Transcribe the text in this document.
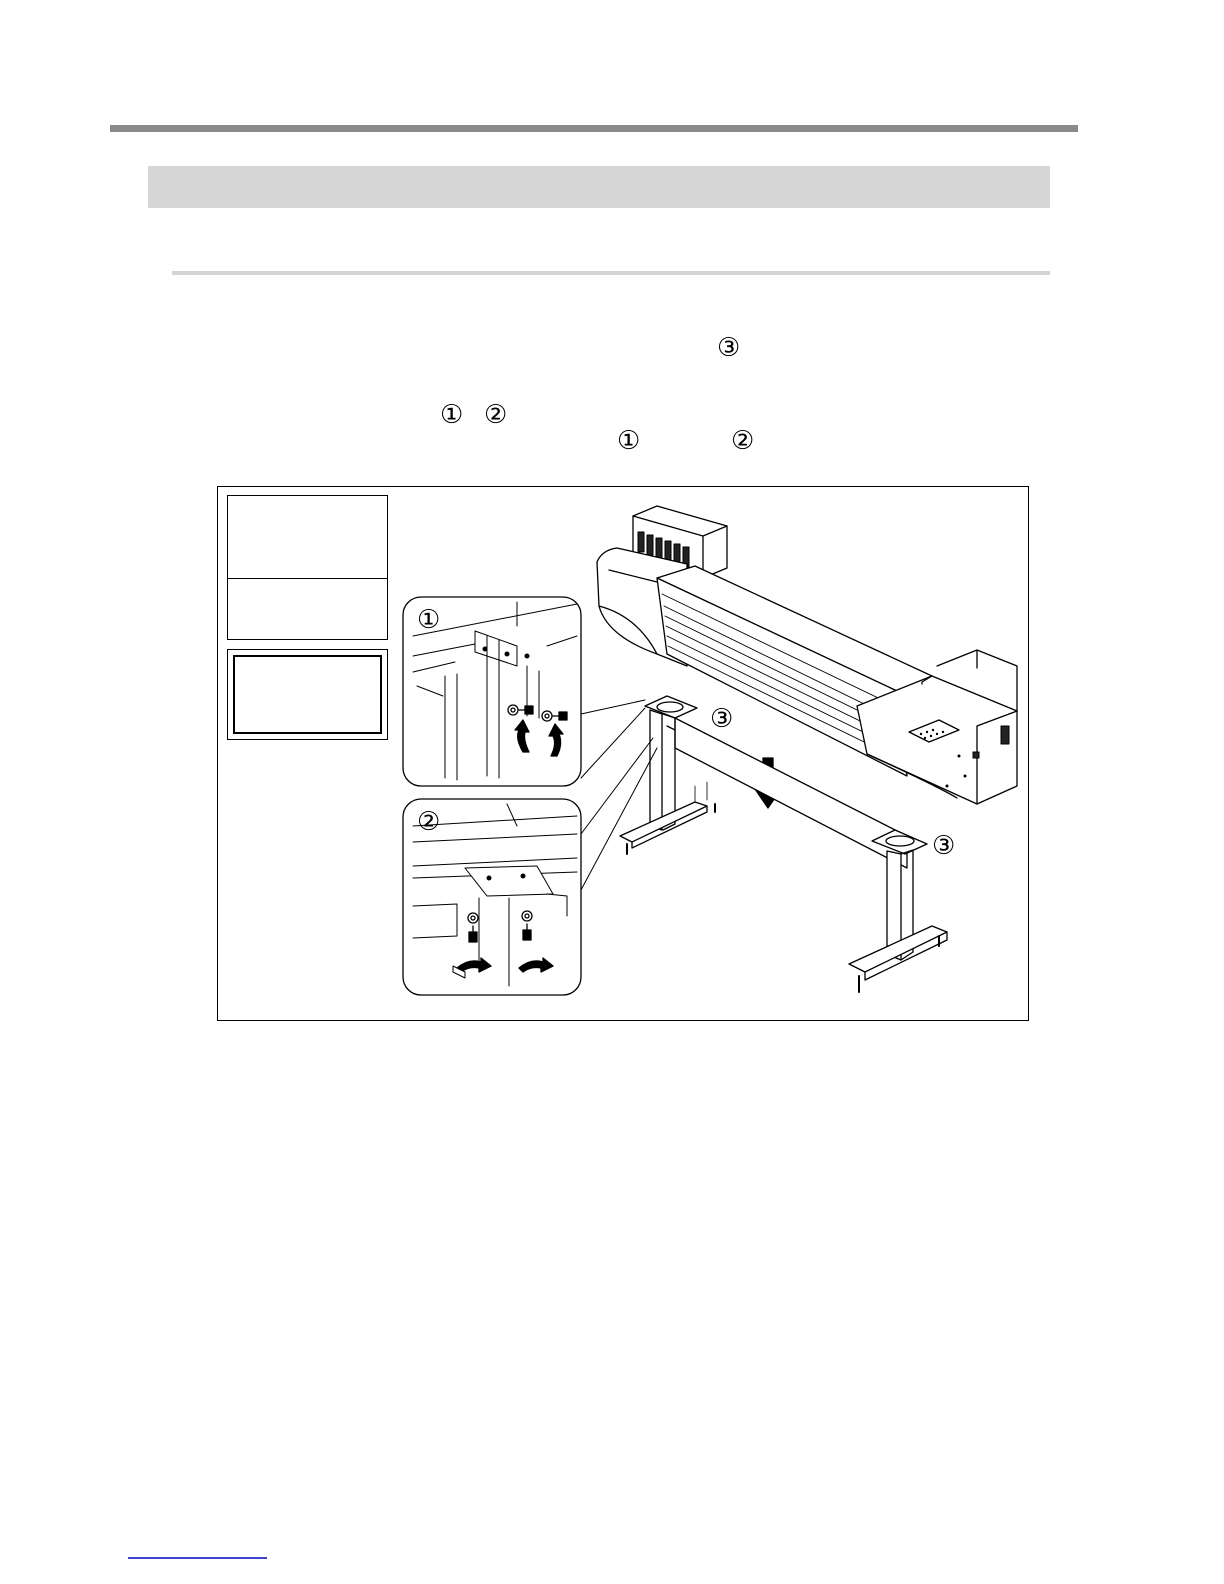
③
① ②
①	②
①
②
③
③
